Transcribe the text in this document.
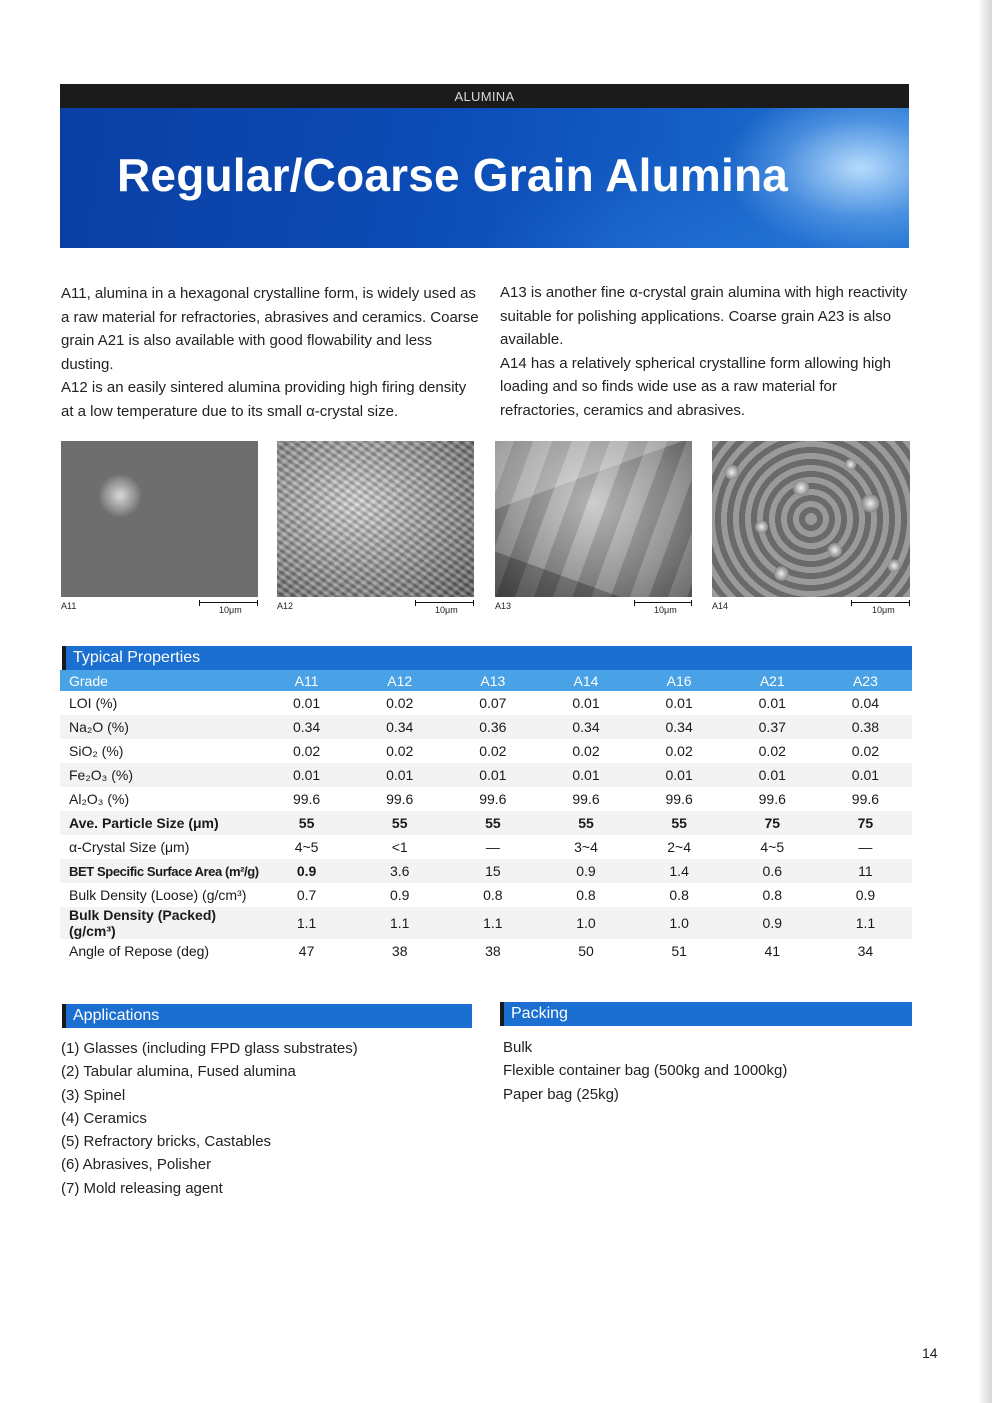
ALUMINA
Regular/Coarse Grain Alumina

A11, alumina in a hexagonal crystalline form, is widely used as a raw material for refractories, abrasives and ceramics. Coarse grain A21 is also available with good flowability and less dusting.

A12 is an easily sintered alumina providing high firing density at a low temperature due to its small α-crystal size.

A13 is another fine α-crystal grain alumina with high reactivity suitable for polishing applications. Coarse grain A23 is also available.

A14 has a relatively spherical crystalline form allowing high loading and so finds wide use as a raw material for refractories, ceramics and abrasives.

A11	10μm	A12	10μm	A13	10μm	A14	10μm
Typical Properties
Grade	A11	A12	A13	A14	A16	A21	A23
LOI (%)	0.01	0.02	0.07	0.01	0.01	0.01	0.04
Na₂O (%)	0.34	0.34	0.36	0.34	0.34	0.37	0.38
SiO₂ (%)	0.02	0.02	0.02	0.02	0.02	0.02	0.02
Fe₂O₃ (%)	0.01	0.01	0.01	0.01	0.01	0.01	0.01
Al₂O₃ (%)	99.6	99.6	99.6	99.6	99.6	99.6	99.6
Ave. Particle Size (μm)	55	55	55	55	55	75	75
α-Crystal Size (μm)	4~5	<1	—	3~4	2~4	4~5	—
BET Specific Surface Area (m²/g)	0.9	3.6	15	0.9	1.4	0.6	11
Bulk Density (Loose) (g/cm³)	0.7	0.9	0.8	0.8	0.8	0.8	0.9
Bulk Density (Packed) (g/cm³)	1.1	1.1	1.1	1.0	1.0	0.9	1.1
Angle of Repose (deg)	47	38	38	50	51	41	34
Applications
(1) Glasses (including FPD glass substrates)
(2) Tabular alumina, Fused alumina
(3) Spinel
(4) Ceramics
(5) Refractory bricks, Castables
(6) Abrasives, Polisher
(7) Mold releasing agent
Packing
Bulk
Flexible container bag (500kg and 1000kg)
Paper bag (25kg)
14
